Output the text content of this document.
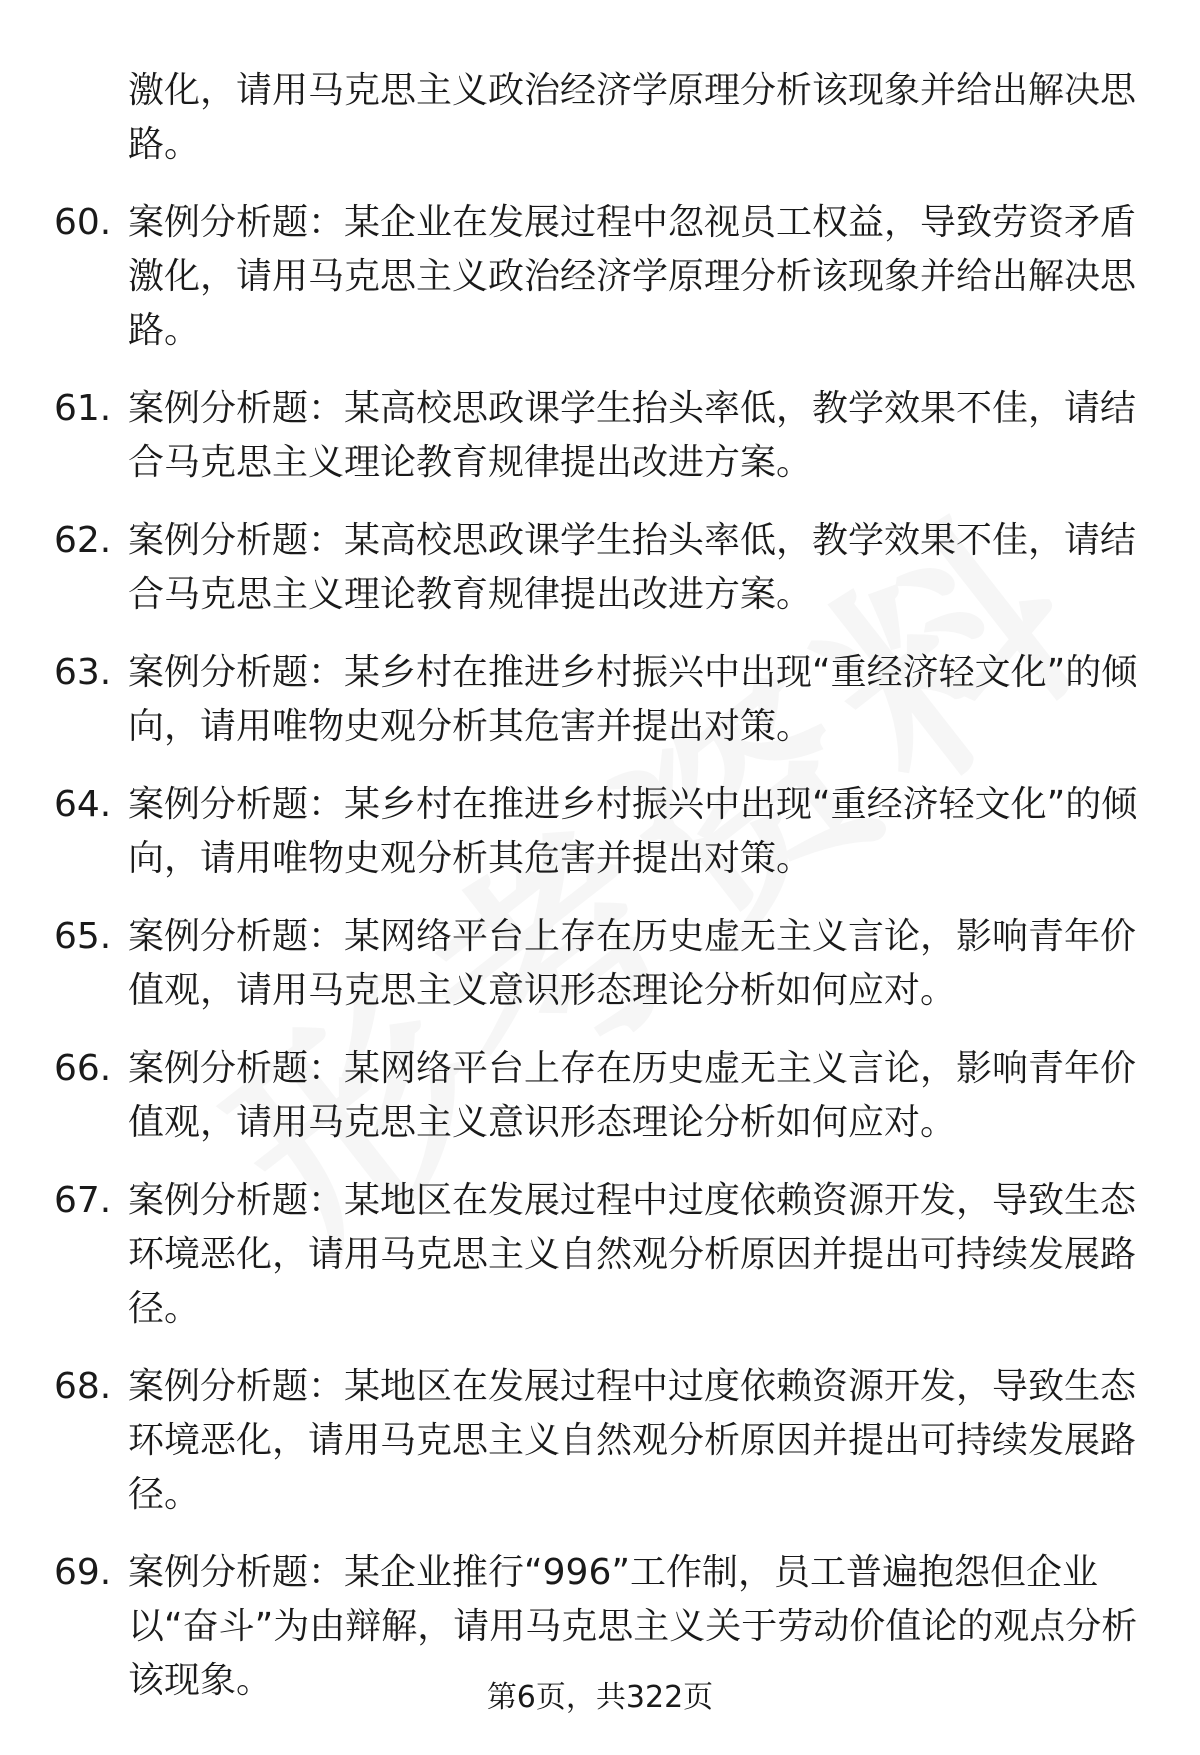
激化，请用马克思主义政治经济学原理分析该现象并给出解决思路。
60. 案例分析题：某企业在发展过程中忽视员工权益，导致劳资矛盾激化，请用马克思主义政治经济学原理分析该现象并给出解决思路。
61. 案例分析题：某高校思政课学生抬头率低，教学效果不佳，请结合马克思主义理论教育规律提出改进方案。
62. 案例分析题：某高校思政课学生抬头率低，教学效果不佳，请结合马克思主义理论教育规律提出改进方案。
63. 案例分析题：某乡村在推进乡村振兴中出现“重经济轻文化”的倾向，请用唯物史观分析其危害并提出对策。
64. 案例分析题：某乡村在推进乡村振兴中出现“重经济轻文化”的倾向，请用唯物史观分析其危害并提出对策。
65. 案例分析题：某网络平台上存在历史虚无主义言论，影响青年价值观，请用马克思主义意识形态理论分析如何应对。
66. 案例分析题：某网络平台上存在历史虚无主义言论，影响青年价值观，请用马克思主义意识形态理论分析如何应对。
67. 案例分析题：某地区在发展过程中过度依赖资源开发，导致生态环境恶化，请用马克思主义自然观分析原因并提出可持续发展路径。
68. 案例分析题：某地区在发展过程中过度依赖资源开发，导致生态环境恶化，请用马克思主义自然观分析原因并提出可持续发展路径。
69. 案例分析题：某企业推行“996”工作制，员工普遍抱怨但企业以“奋斗”为由辩解，请用马克思主义关于劳动价值论的观点分析该现象。	第6页，共322页
